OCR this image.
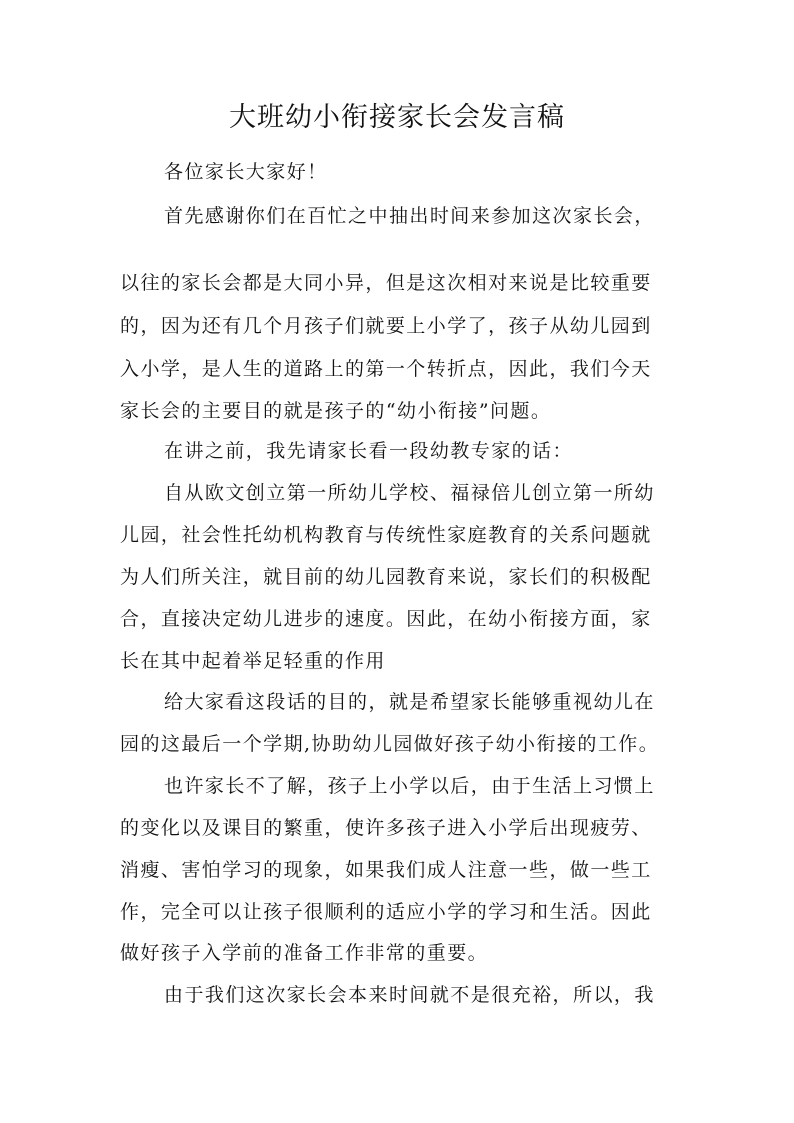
大班幼小衔接家长会发言稿
各位家长大家好！
首先感谢你们在百忙之中抽出时间来参加这次家长会，
以往的家长会都是大同小异，但是这次相对来说是比较重要
的，因为还有几个月孩子们就要上小学了，孩子从幼儿园到
入小学，是人生的道路上的第一个转折点，因此，我们今天
家长会的主要目的就是孩子的“幼小衔接”问题。
在讲之前，我先请家长看一段幼教专家的话：
自从欧文创立第一所幼儿学校、福禄倍儿创立第一所幼
儿园，社会性托幼机构教育与传统性家庭教育的关系问题就
为人们所关注，就目前的幼儿园教育来说，家长们的积极配
合，直接决定幼儿进步的速度。因此，在幼小衔接方面，家
长在其中起着举足轻重的作用
给大家看这段话的目的，就是希望家长能够重视幼儿在
园的这最后一个学期,协助幼儿园做好孩子幼小衔接的工作。
也许家长不了解，孩子上小学以后，由于生活上习惯上
的变化以及课目的繁重，使许多孩子进入小学后出现疲劳、
消瘦、害怕学习的现象，如果我们成人注意一些，做一些工
作，完全可以让孩子很顺利的适应小学的学习和生活。因此
做好孩子入学前的准备工作非常的重要。
由于我们这次家长会本来时间就不是很充裕，所以，我
